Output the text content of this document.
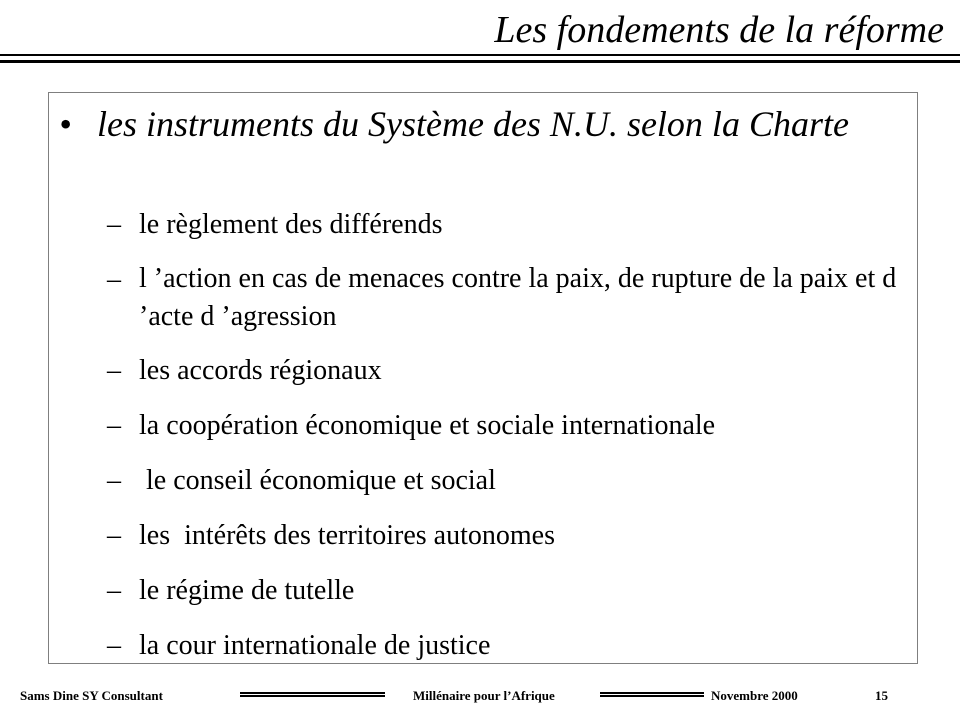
Les fondements de la réforme
• les instruments du Système des N.U. selon la Charte
– le règlement des différends
– l ’action en cas de menaces contre la paix, de rupture de la paix et d ’acte d ’agression
– les accords régionaux
– la coopération économique et sociale internationale
– le conseil économique et social
– les  intérêts des territoires autonomes
– le régime de tutelle
– la cour internationale de justice
Sams Dine SY Consultant	Millénaire pour l’Afrique	Novembre 2000	15
